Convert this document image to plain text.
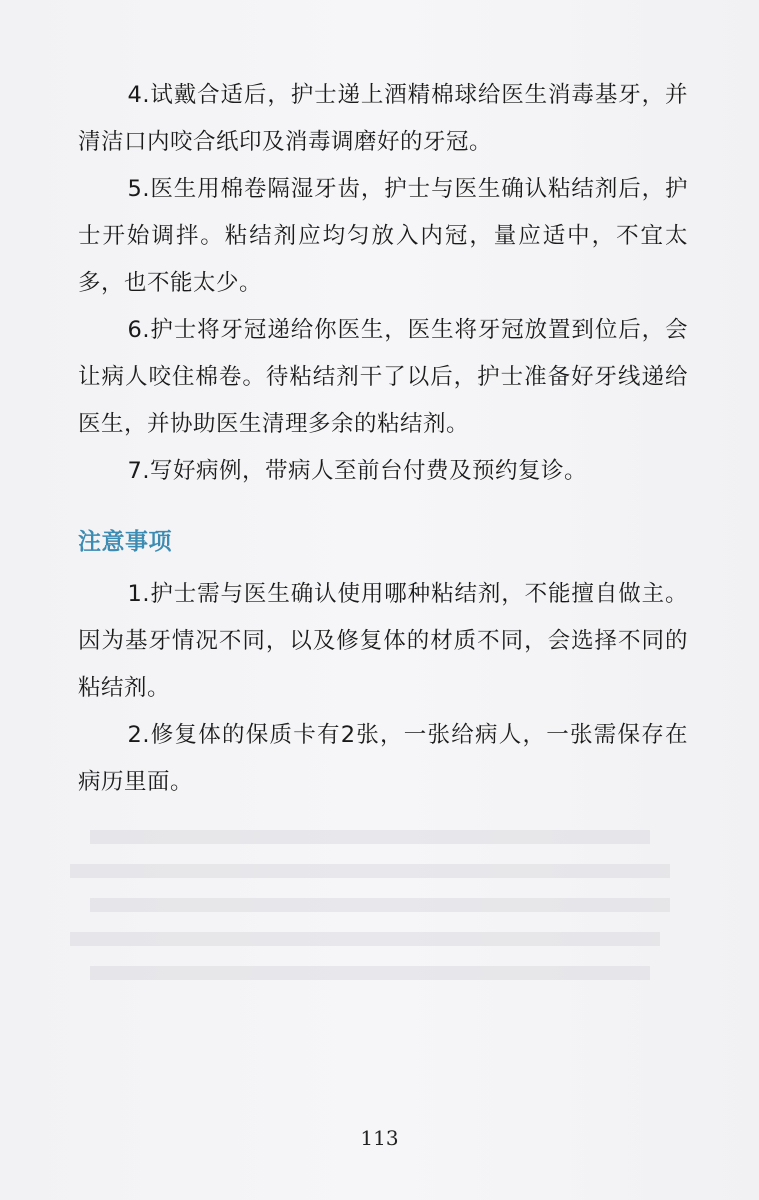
4.试戴合适后，护士递上酒精棉球给医生消毒基牙，并清洁口内咬合纸印及消毒调磨好的牙冠。

5.医生用棉卷隔湿牙齿，护士与医生确认粘结剂后，护士开始调拌。粘结剂应均匀放入内冠，量应适中，不宜太多，也不能太少。

6.护士将牙冠递给你医生，医生将牙冠放置到位后，会让病人咬住棉卷。待粘结剂干了以后，护士准备好牙线递给医生，并协助医生清理多余的粘结剂。

7.写好病例，带病人至前台付费及预约复诊。

注意事项

1.护士需与医生确认使用哪种粘结剂，不能擅自做主。因为基牙情况不同，以及修复体的材质不同，会选择不同的粘结剂。

2.修复体的保质卡有2张，一张给病人，一张需保存在病历里面。

113
